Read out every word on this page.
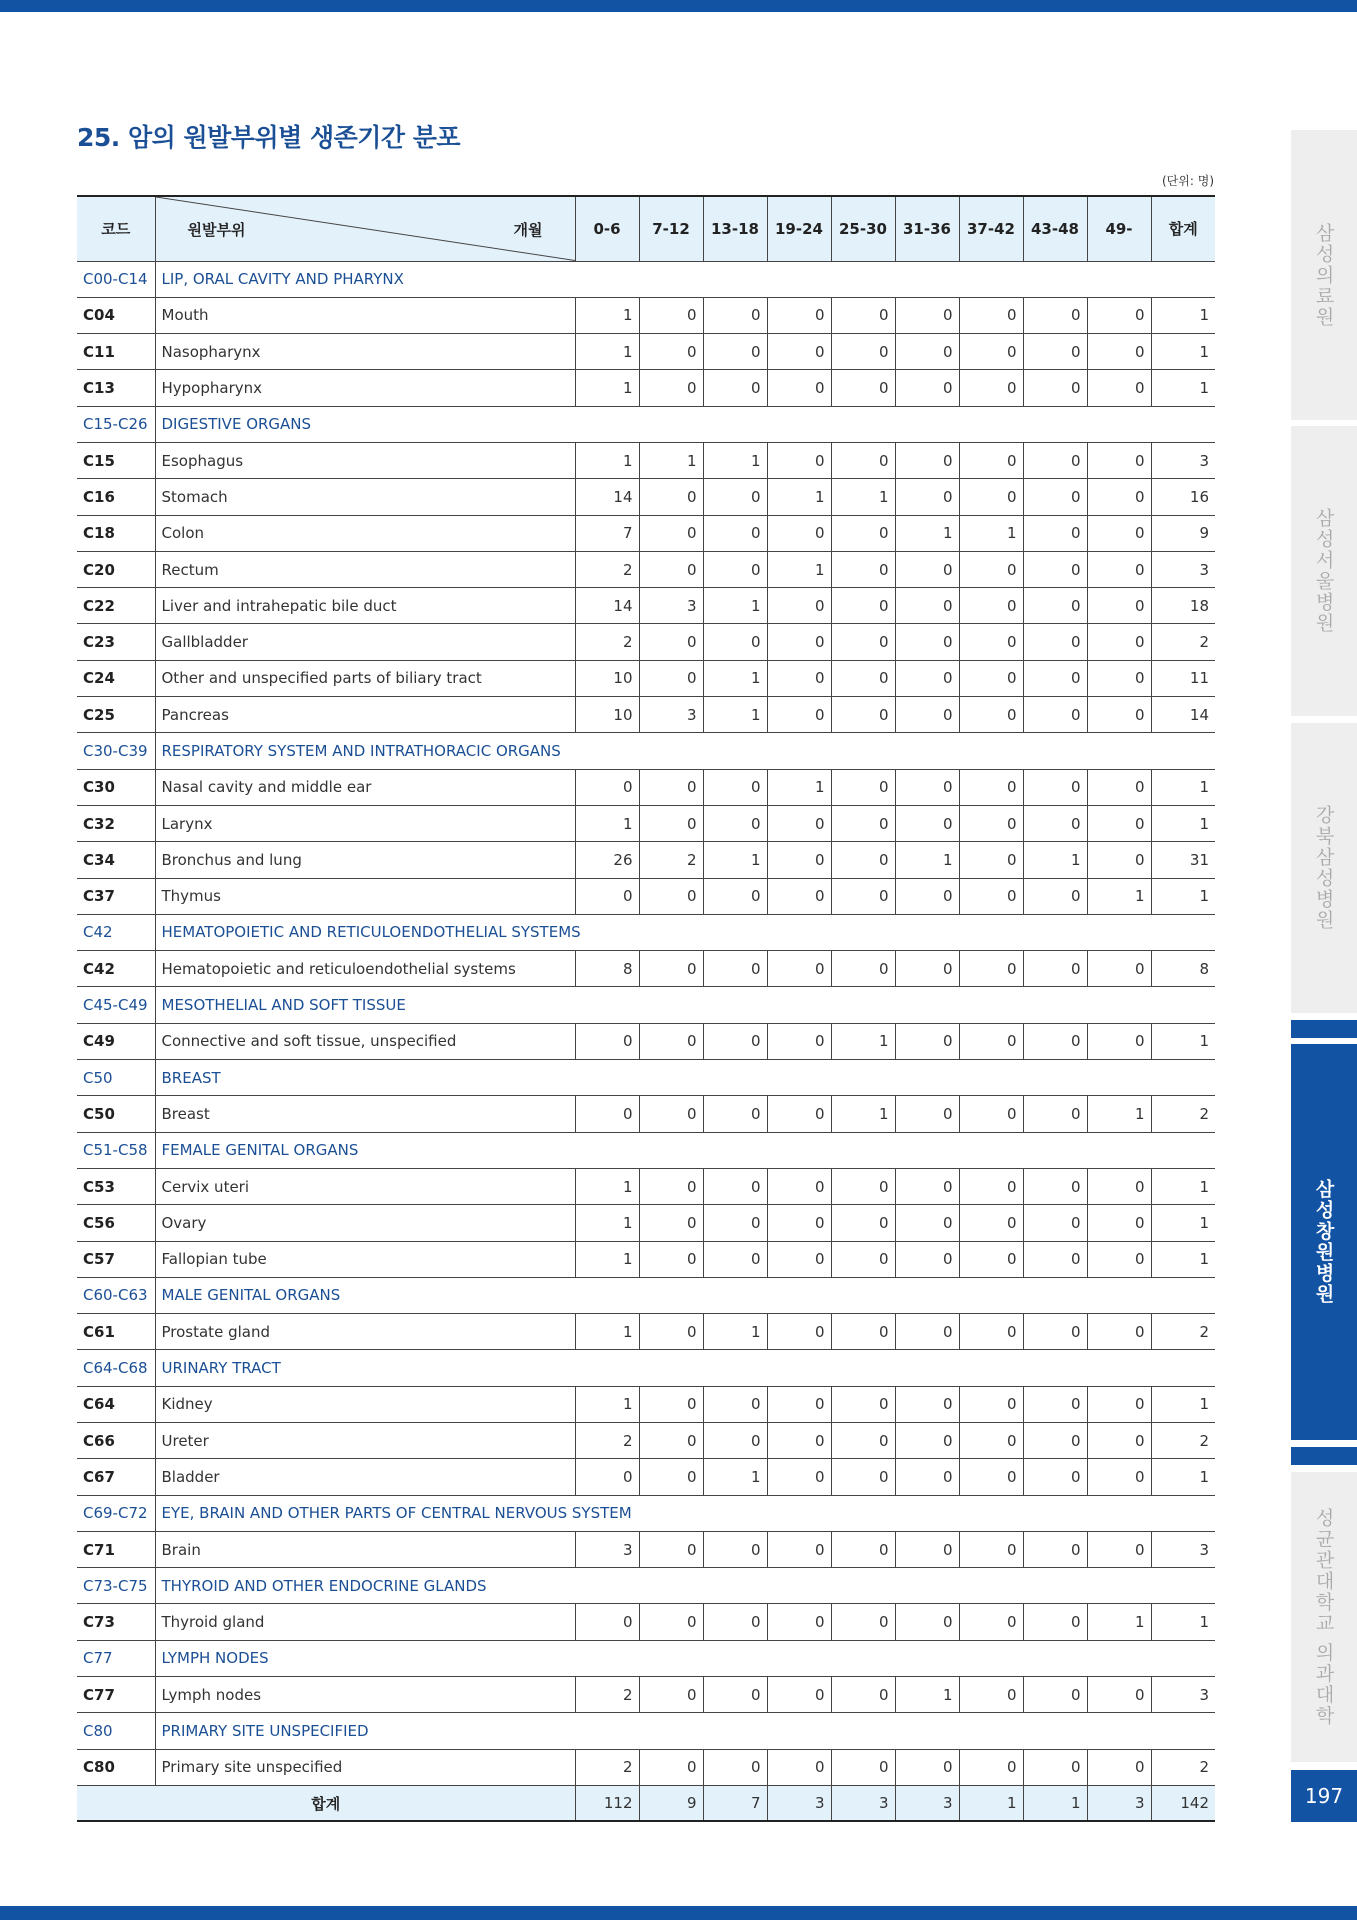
25. 암의 원발부위별 생존기간 분포
(단위: 명)
코드	원발부위 개월	0-6	7-12	13-18	19-24	25-30	31-36	37-42	43-48	49-	합계
C00-C14	LIP, ORAL CAVITY AND PHARYNX										
C04	Mouth	1	0	0	0	0	0	0	0	0	1
C11	Nasopharynx	1	0	0	0	0	0	0	0	0	1
C13	Hypopharynx	1	0	0	0	0	0	0	0	0	1
C15-C26	DIGESTIVE ORGANS										
C15	Esophagus	1	1	1	0	0	0	0	0	0	3
C16	Stomach	14	0	0	1	1	0	0	0	0	16
C18	Colon	7	0	0	0	0	1	1	0	0	9
C20	Rectum	2	0	0	1	0	0	0	0	0	3
C22	Liver and intrahepatic bile duct	14	3	1	0	0	0	0	0	0	18
C23	Gallbladder	2	0	0	0	0	0	0	0	0	2
C24	Other and unspecified parts of biliary tract	10	0	1	0	0	0	0	0	0	11
C25	Pancreas	10	3	1	0	0	0	0	0	0	14
C30-C39	RESPIRATORY SYSTEM AND INTRATHORACIC ORGANS										
C30	Nasal cavity and middle ear	0	0	0	1	0	0	0	0	0	1
C32	Larynx	1	0	0	0	0	0	0	0	0	1
C34	Bronchus and lung	26	2	1	0	0	1	0	1	0	31
C37	Thymus	0	0	0	0	0	0	0	0	1	1
C42	HEMATOPOIETIC AND RETICULOENDOTHELIAL SYSTEMS										
C42	Hematopoietic and reticuloendothelial systems	8	0	0	0	0	0	0	0	0	8
C45-C49	MESOTHELIAL AND SOFT TISSUE										
C49	Connective and soft tissue, unspecified	0	0	0	0	1	0	0	0	0	1
C50	BREAST										
C50	Breast	0	0	0	0	1	0	0	0	1	2
C51-C58	FEMALE GENITAL ORGANS										
C53	Cervix uteri	1	0	0	0	0	0	0	0	0	1
C56	Ovary	1	0	0	0	0	0	0	0	0	1
C57	Fallopian tube	1	0	0	0	0	0	0	0	0	1
C60-C63	MALE GENITAL ORGANS										
C61	Prostate gland	1	0	1	0	0	0	0	0	0	2
C64-C68	URINARY TRACT										
C64	Kidney	1	0	0	0	0	0	0	0	0	1
C66	Ureter	2	0	0	0	0	0	0	0	0	2
C67	Bladder	0	0	1	0	0	0	0	0	0	1
C69-C72	EYE, BRAIN AND OTHER PARTS OF CENTRAL NERVOUS SYSTEM										
C71	Brain	3	0	0	0	0	0	0	0	0	3
C73-C75	THYROID AND OTHER ENDOCRINE GLANDS										
C73	Thyroid gland	0	0	0	0	0	0	0	0	1	1
C77	LYMPH NODES										
C77	Lymph nodes	2	0	0	0	0	1	0	0	0	3
C80	PRIMARY SITE UNSPECIFIED										
C80	Primary site unspecified	2	0	0	0	0	0	0	0	0	2
합계		112	9	7	3	3	3	1	1	3	142
삼성의료원
삼성서울병원
강북삼성병원
삼성창원병원
성균관대학교 의과대학
197
